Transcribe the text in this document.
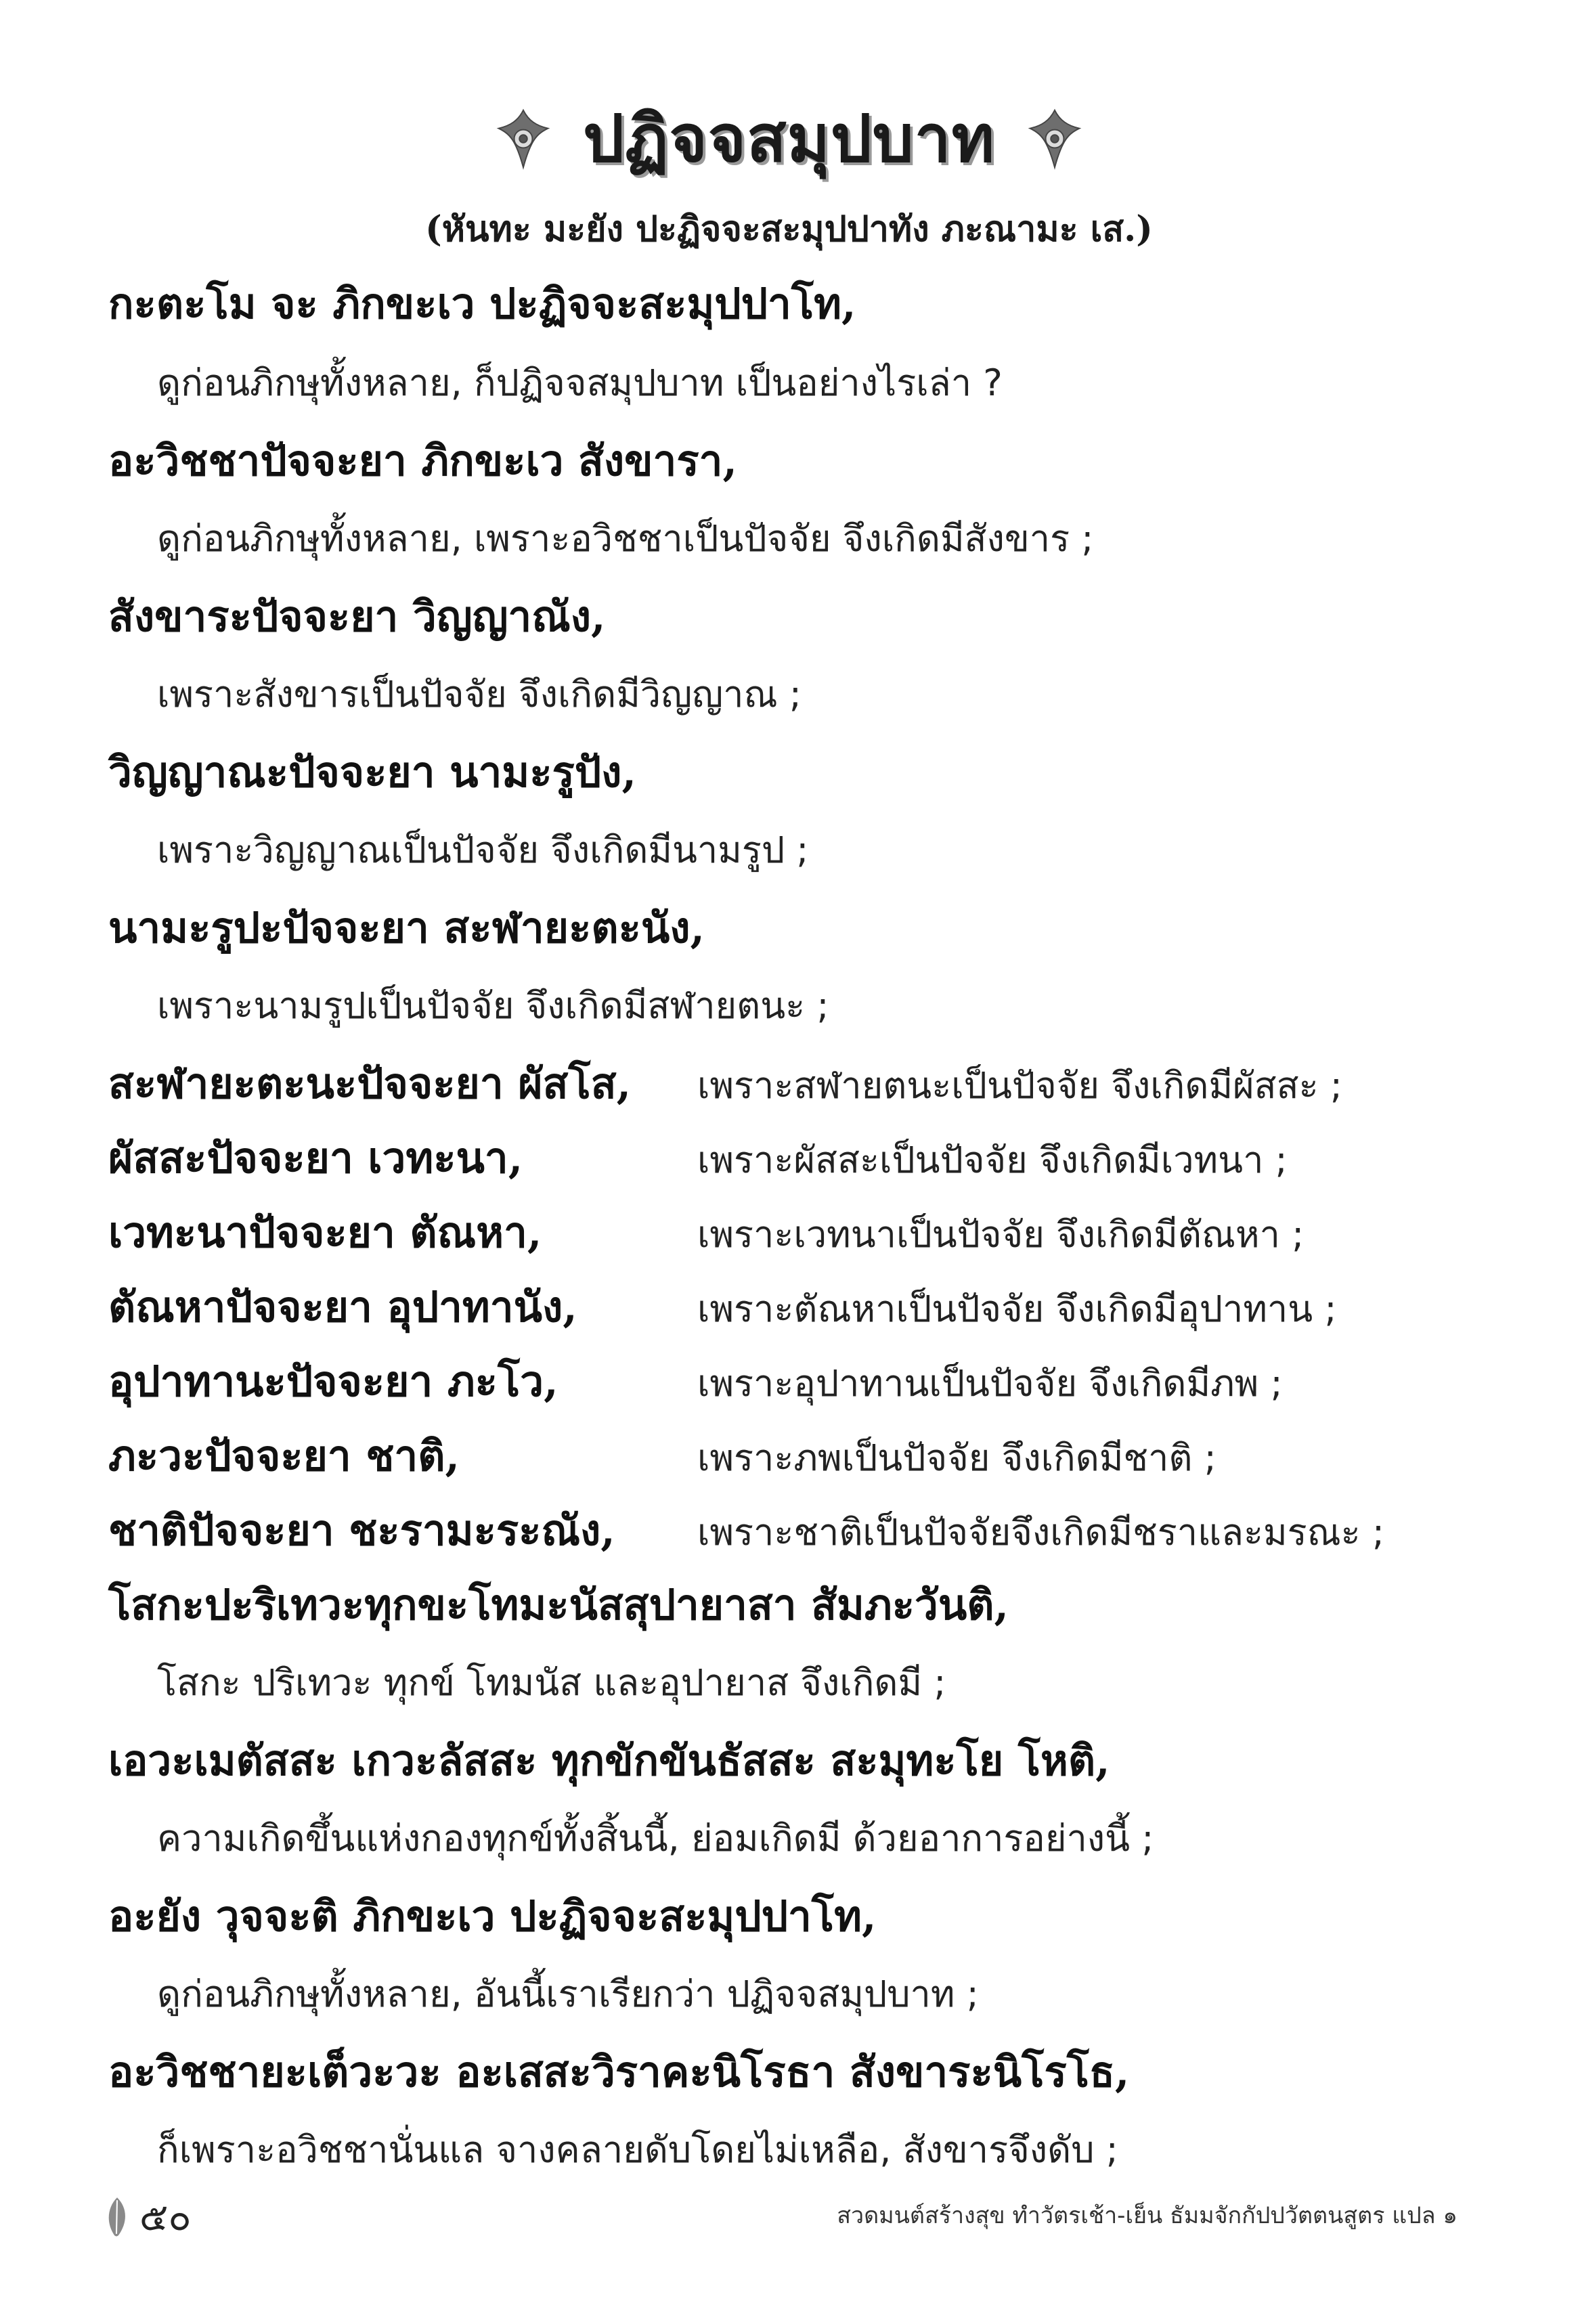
ปฏิจจสมุปบาท
(หันทะ มะยัง ปะฏิจจะสะมุปปาทัง ภะณามะ เส.)
กะตะโม จะ ภิกขะเว ปะฏิจจะสะมุปปาโท,
ดูก่อนภิกษุทั้งหลาย, ก็ปฏิจจสมุปบาท เป็นอย่างไรเล่า ?
อะวิชชาปัจจะยา ภิกขะเว สังขารา,
ดูก่อนภิกษุทั้งหลาย, เพราะอวิชชาเป็นปัจจัย จึงเกิดมีสังขาร ;
สังขาระปัจจะยา วิญญาณัง,
เพราะสังขารเป็นปัจจัย จึงเกิดมีวิญญาณ ;
วิญญาณะปัจจะยา นามะรูปัง,
เพราะวิญญาณเป็นปัจจัย จึงเกิดมีนามรูป ;
นามะรูปะปัจจะยา สะฬายะตะนัง,
เพราะนามรูปเป็นปัจจัย จึงเกิดมีสฬายตนะ ;
สะฬายะตะนะปัจจะยา ผัสโส, เพราะสฬายตนะเป็นปัจจัย จึงเกิดมีผัสสะ ;
ผัสสะปัจจะยา เวทะนา,	เพราะผัสสะเป็นปัจจัย จึงเกิดมีเวทนา ;
เวทะนาปัจจะยา ตัณหา,	เพราะเวทนาเป็นปัจจัย จึงเกิดมีตัณหา ;
ตัณหาปัจจะยา อุปาทานัง,	เพราะตัณหาเป็นปัจจัย จึงเกิดมีอุปาทาน ;
อุปาทานะปัจจะยา ภะโว,	เพราะอุปาทานเป็นปัจจัย จึงเกิดมีภพ ;
ภะวะปัจจะยา ชาติ,	เพราะภพเป็นปัจจัย จึงเกิดมีชาติ ;
ชาติปัจจะยา ชะรามะระณัง, เพราะชาติเป็นปัจจัยจึงเกิดมีชราและมรณะ ;
โสกะปะริเทวะทุกขะโทมะนัสสุปายาสา สัมภะวันติ,
โสกะ ปริเทวะ ทุกข์ โทมนัส และอุปายาส จึงเกิดมี ;
เอวะเมตัสสะ เกวะลัสสะ ทุกขักขันธัสสะ สะมุทะโย โหติ,
ความเกิดขึ้นแห่งกองทุกข์ทั้งสิ้นนี้, ย่อมเกิดมี ด้วยอาการอย่างนี้ ;
อะยัง วุจจะติ ภิกขะเว ปะฏิจจะสะมุปปาโท,
ดูก่อนภิกษุทั้งหลาย, อันนี้เราเรียกว่า ปฏิจจสมุปบาท ;
อะวิชชายะเต็วะวะ อะเสสะวิราคะนิโรธา สังขาระนิโรโธ,
ก็เพราะอวิชชานั่นแล จางคลายดับโดยไม่เหลือ, สังขารจึงดับ ;
๕๐	สวดมนต์สร้างสุข ทำวัตรเช้า-เย็น ธัมมจักกัปปวัตตนสูตร แปล ๑
